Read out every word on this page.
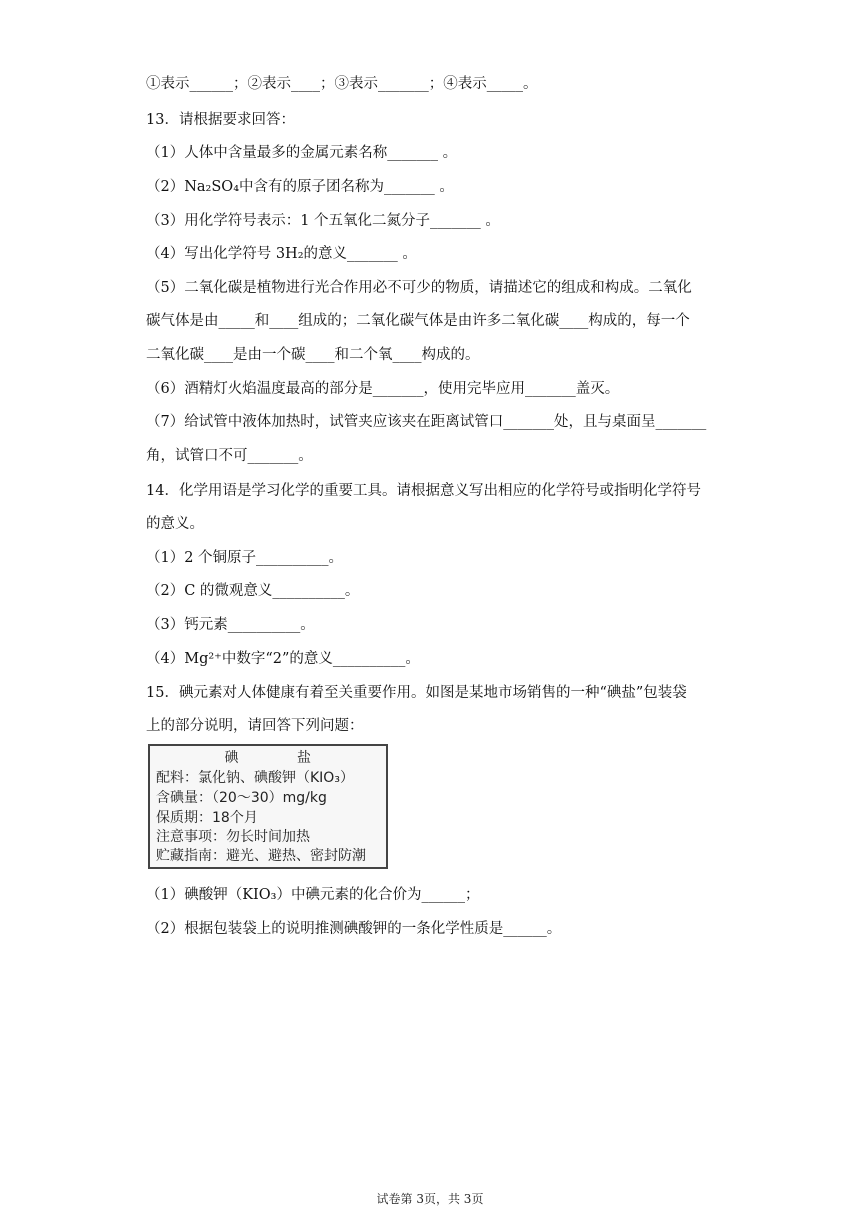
①表示______；②表示____；③表示_______；④表示_____。
13．请根据要求回答：
（1）人体中含量最多的金属元素名称_______ 。
（2）Na₂SO₄中含有的原子团名称为_______ 。
（3）用化学符号表示：1 个五氧化二氮分子_______ 。
（4）写出化学符号 3H₂的意义_______ 。
（5）二氧化碳是植物进行光合作用必不可少的物质，请描述它的组成和构成。二氧化
碳气体是由_____和____组成的；二氧化碳气体是由许多二氧化碳____构成的，每一个
二氧化碳____是由一个碳____和二个氧____构成的。
（6）酒精灯火焰温度最高的部分是_______，使用完毕应用_______盖灭。
（7）给试管中液体加热时，试管夹应该夹在距离试管口_______处，且与桌面呈_______
角，试管口不可_______。
14．化学用语是学习化学的重要工具。请根据意义写出相应的化学符号或指明化学符号
的意义。
（1）2 个铜原子__________。
（2）C 的微观意义__________。
（3）钙元素__________。
（4）Mg²⁺中数字“2”的意义__________。
15．碘元素对人体健康有着至关重要作用。如图是某地市场销售的一种“碘盐”包装袋
上的部分说明，请回答下列问题：
碘　　　　盐
配料：氯化钠、碘酸钾（KIO₃）
含碘量：（20～30）mg/kg
保质期：18个月
注意事项：勿长时间加热
贮藏指南：避光、避热、密封防潮
（1）碘酸钾（KIO₃）中碘元素的化合价为______；
（2）根据包装袋上的说明推测碘酸钾的一条化学性质是______。
试卷第 3页，共 3页
